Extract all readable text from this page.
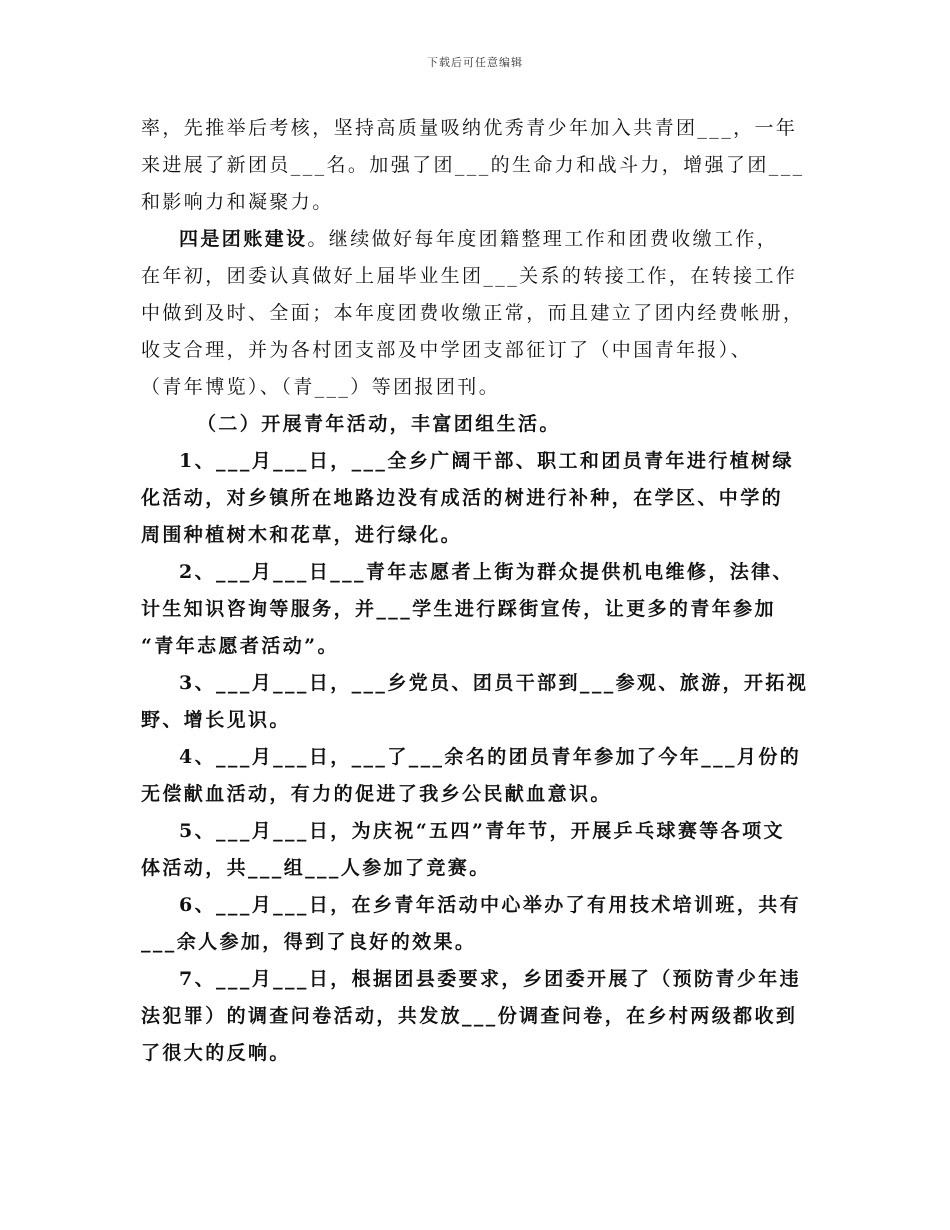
下载后可任意编辑

率，先推举后考核，坚持高质量吸纳优秀青少年加入共青团___，一年

来进展了新团员___名。加强了团___的生命力和战斗力，增强了团___

和影响力和凝聚力。

四是团账建设。继续做好每年度团籍整理工作和团费收缴工作，

在年初，团委认真做好上届毕业生团___关系的转接工作，在转接工作

中做到及时、全面；本年度团费收缴正常，而且建立了团内经费帐册，

收支合理，并为各村团支部及中学团支部征订了（中国青年报）、

（青年博览）、（青___）等团报团刊。

（二）开展青年活动，丰富团组生活。

1、___月___日，___全乡广阔干部、职工和团员青年进行植树绿

化活动，对乡镇所在地路边没有成活的树进行补种，在学区、中学的

周围种植树木和花草，进行绿化。

2、___月___日___青年志愿者上街为群众提供机电维修，法律、

计生知识咨询等服务，并___学生进行踩街宣传，让更多的青年参加

“青年志愿者活动”。

3、___月___日，___乡党员、团员干部到___参观、旅游，开拓视

野、增长见识。

4、___月___日，___了___余名的团员青年参加了今年___月份的

无偿献血活动，有力的促进了我乡公民献血意识。

5、___月___日，为庆祝“五四”青年节，开展乒乓球赛等各项文

体活动，共___组___人参加了竞赛。

6、___月___日，在乡青年活动中心举办了有用技术培训班，共有

___余人参加，得到了良好的效果。

7、___月___日，根据团县委要求，乡团委开展了（预防青少年违

法犯罪）的调查问卷活动，共发放___份调查问卷，在乡村两级都收到

了很大的反响。
